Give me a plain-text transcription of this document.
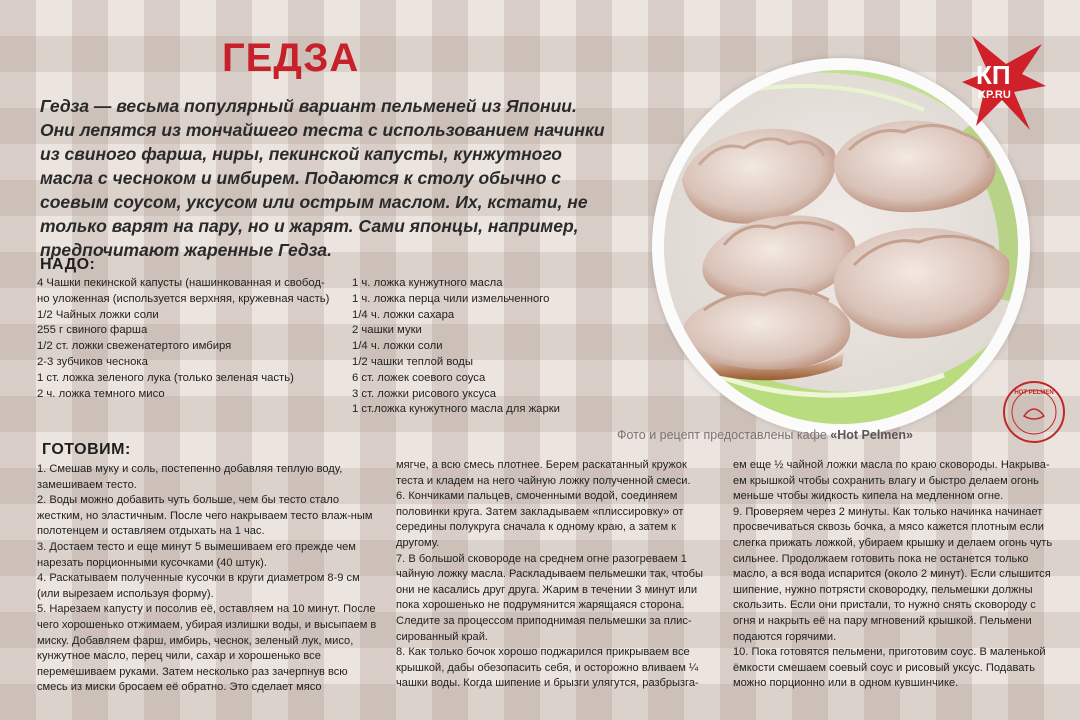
ГЕДЗА

Гедза — весьма популярный вариант пельменей из Японии. Они лепятся из тончайшего теста с использованием начинки из свиного фарша, ниры, пекинской капусты, кунжутного масла с чесноком и имбирем. Подаются к столу обычно с соевым соусом, уксусом или острым маслом. Их, кстати, не только варят на пару, но и жарят. Сами японцы, например, предпочитают жаренные Гедза.

НАДО:
4 Чашки пекинской капусты (нашинкованная и свобод-
но уложенная (используется верхняя, кружевная часть)
1/2 Чайных ложки соли
255 г свиного фарша
1/2 ст. ложки свеженатертого имбиря
2-3 зубчиков чеснока
1 ст. ложка зеленого лука (только зеленая часть)
2 ч. ложка темного мисо
1 ч. ложка кунжутного масла
1 ч. ложка перца чили измельченного
1/4 ч. ложки сахара
2 чашки муки
1/4 ч. ложки соли
1/2 чашки теплой воды
6 ст. ложек соевого соуса
3 ст. ложки рисового уксуса
1 ст.ложка кунжутного масла для жарки
ГОТОВИМ:

1. Смешав муку и соль, постепенно добавляя теплую воду, замешиваем тесто.

2. Воды можно добавить чуть больше, чем бы тесто стало жестким, но эластичным. После чего накрываем тесто влаж-ным полотенцем и оставляем отдыхать на 1 час.

3. Достаем тесто и еще минут 5 вымешиваем его прежде чем нарезать порционными кусочками (40 штук).

4. Раскатываем полученные кусочки в круги диаметром 8-9 см (или вырезаем используя форму).

5. Нарезаем капусту и посолив её, оставляем на 10 минут. После чего хорошенько отжимаем, убирая излишки воды, и высыпаем в миску. Добавляем фарш, имбирь, чеснок, зеленый лук, мисо, кунжутное масло, перец чили, сахар и хорошенько все перемешиваем руками. Затем несколько раз зачерпнув всю смесь из миски бросаем её обратно. Это сделает мясо

мягче, а всю смесь плотнее. Берем раскатанный кружок теста и кладем на него чайную ложку полученной смеси.

6. Кончиками пальцев, смоченными водой, соединяем половинки круга. Затем закладываем «плиссировку» от середины полукруга сначала к одному краю, а затем к другому.

7. В большой сковороде на среднем огне разогреваем 1 чайную ложку масла. Раскладываем пельмешки так, чтобы они не касались друг друга. Жарим в течении 3 минут или пока хорошенько не подрумянится жарящаяся сторона. Следите за процессом приподнимая пельмешки за плис-сированный край.

8. Как только бочок хорошо поджарился прикрываем все крышкой, дабы обезопасить себя, и осторожно вливаем ¼ чашки воды. Когда шипение и брызги улягутся, разбрызга-

ем еще ½ чайной ложки масла по краю сковороды. Накрыва-ем крышкой чтобы сохранить влагу и быстро делаем огонь меньше чтобы жидкость кипела на медленном огне.

9. Проверяем через 2 минуты. Как только начинка начинает просвечиваться сквозь бочка, а мясо кажется плотным если слегка прижать ложкой, убираем крышку и делаем огонь чуть сильнее. Продолжаем готовить пока не останется только масло, а вся вода испарится (около 2 минут). Если слышится шипение, нужно потрясти сковородку, пельмешки должны скользить. Если они пристали, то нужно снять сковороду с огня и накрыть её на пару мгновений крышкой. Пельмени подаются горячими.

10. Пока готовятся пельмени, приготовим соус. В маленькой ёмкости смешаем соевый соус и рисовый уксус. Подавать можно порционно или в одном кувшинчике.

Фото и рецепт предоставлены кафе «Hot Pelmen»

КП
KP.RU
HOT PELMEN
